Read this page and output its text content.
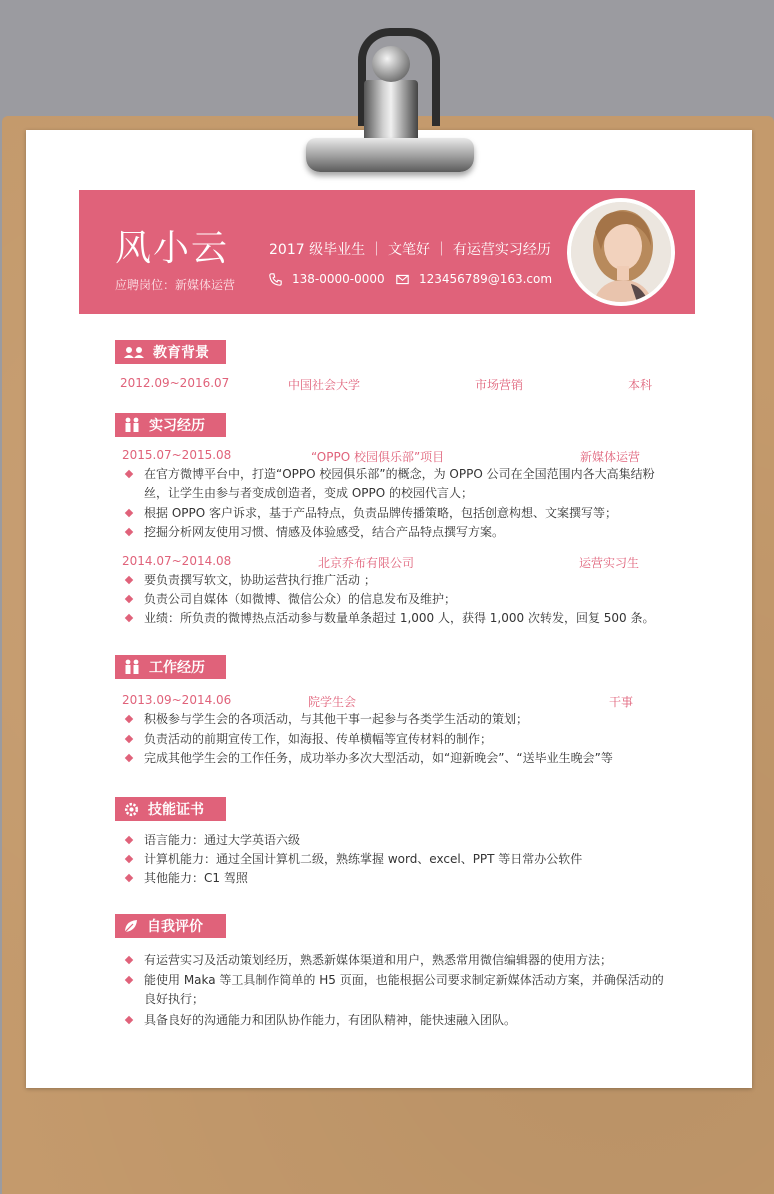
风小云
应聘岗位：新媒体运营
2017 级毕业生 ｜ 文笔好 ｜ 有运营实习经历
138-0000-0000	123456789@163.com
教育背景
2012.09~2016.07	中国社会大学	市场营销	本科
实习经历
2015.07~2015.08	“OPPO 校园俱乐部”项目	新媒体运营
在官方微博平台中，打造“OPPO 校园俱乐部”的概念，为 OPPO 公司在全国范围内各大高集结粉丝，让学生由参与者变成创造者，变成 OPPO 的校园代言人；
根据 OPPO 客户诉求，基于产品特点，负责品牌传播策略，包括创意构想、文案撰写等；
挖掘分析网友使用习惯、情感及体验感受，结合产品特点撰写方案。
2014.07~2014.08	北京乔布有限公司	运营实习生
要负责撰写软文，协助运营执行推广活动 ；
负责公司自媒体（如微博、微信公众）的信息发布及维护；
业绩：所负责的微博热点活动参与数量单条超过 1,000 人，获得 1,000 次转发，回复 500 条。
工作经历
2013.09~2014.06	院学生会	干事
积极参与学生会的各项活动，与其他干事一起参与各类学生活动的策划；
负责活动的前期宣传工作，如海报、传单横幅等宣传材料的制作；
完成其他学生会的工作任务，成功举办多次大型活动，如“迎新晚会”、“送毕业生晚会”等
技能证书
语言能力：通过大学英语六级
计算机能力：通过全国计算机二级，熟练掌握 word、excel、PPT 等日常办公软件
其他能力：C1 驾照
自我评价
有运营实习及活动策划经历，熟悉新媒体渠道和用户，熟悉常用微信编辑器的使用方法；
能使用 Maka 等工具制作简单的 H5 页面，也能根据公司要求制定新媒体活动方案，并确保活动的良好执行；
具备良好的沟通能力和团队协作能力，有团队精神，能快速融入团队。
